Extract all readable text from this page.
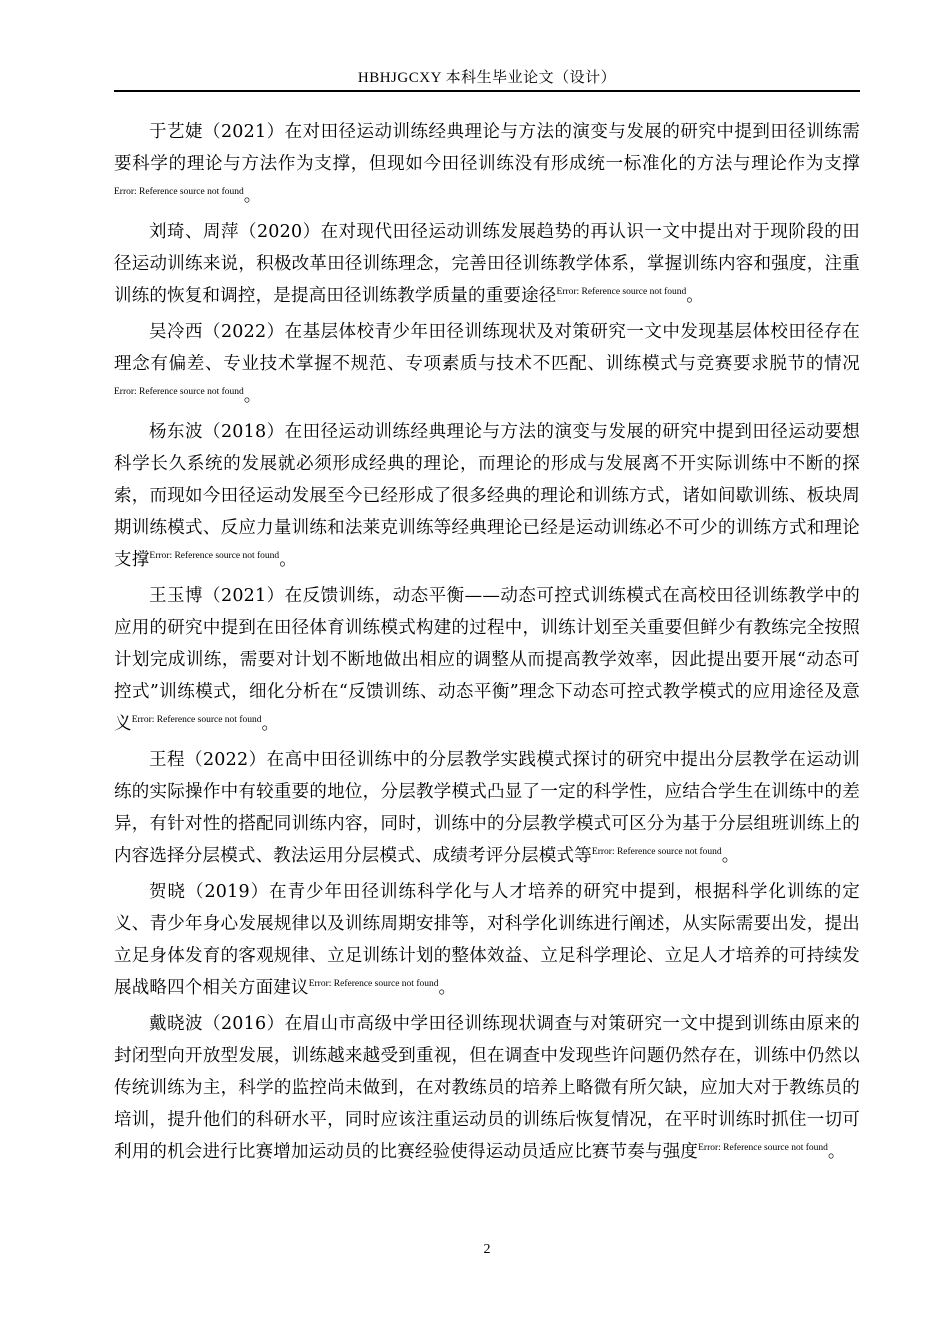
HBHJGCXY 本科生毕业论文（设计）

于艺婕（2021）在对田径运动训练经典理论与方法的演变与发展的研究中提到田径训练需要科学的理论与方法作为支撑，但现如今田径训练没有形成统一标准化的方法与理论作为支撑$^{Error: Reference source not found}$。

刘琦、周萍（2020）在对现代田径运动训练发展趋势的再认识一文中提出对于现阶段的田径运动训练来说，积极改革田径训练理念，完善田径训练教学体系，掌握训练内容和强度，注重训练的恢复和调控，是提高田径训练教学质量的重要途径$^{Error: Reference source not found}$。

吴冷西（2022）在基层体校青少年田径训练现状及对策研究一文中发现基层体校田径存在理念有偏差、专业技术掌握不规范、专项素质与技术不匹配、训练模式与竞赛要求脱节的情况$^{Error: Reference source not found}$。

杨东波（2018）在田径运动训练经典理论与方法的演变与发展的研究中提到田径运动要想科学长久系统的发展就必须形成经典的理论，而理论的形成与发展离不开实际训练中不断的探索，而现如今田径运动发展至今已经形成了很多经典的理论和训练方式，诸如间歇训练、板块周期训练模式、反应力量训练和法莱克训练等经典理论已经是运动训练必不可少的训练方式和理论支撑$^{Error: Reference source not found}$。

王玉博（2021）在反馈训练，动态平衡——动态可控式训练模式在高校田径训练教学中的应用的研究中提到在田径体育训练模式构建的过程中，训练计划至关重要但鲜少有教练完全按照计划完成训练，需要对计划不断地做出相应的调整从而提高教学效率，因此提出要开展“动态可控式”训练模式，细化分析在“反馈训练、动态平衡”理念下动态可控式教学模式的应用途径及意义$^{Error: Reference source not found}$。

王程（2022）在高中田径训练中的分层教学实践模式探讨的研究中提出分层教学在运动训练的实际操作中有较重要的地位，分层教学模式凸显了一定的科学性，应结合学生在训练中的差异，有针对性的搭配同训练内容，同时，训练中的分层教学模式可区分为基于分层组班训练上的内容选择分层模式、教法运用分层模式、成绩考评分层模式等$^{Error: Reference source not found}$。

贺晓（2019）在青少年田径训练科学化与人才培养的研究中提到，根据科学化训练的定义、青少年身心发展规律以及训练周期安排等，对科学化训练进行阐述，从实际需要出发，提出立足身体发育的客观规律、立足训练计划的整体效益、立足科学理论、立足人才培养的可持续发展战略四个相关方面建议$^{Error: Reference source not found}$。

戴晓波（2016）在眉山市高级中学田径训练现状调查与对策研究一文中提到训练由原来的封闭型向开放型发展，训练越来越受到重视，但在调查中发现些许问题仍然存在，训练中仍然以传统训练为主，科学的监控尚未做到，在对教练员的培养上略微有所欠缺，应加大对于教练员的培训，提升他们的科研水平，同时应该注重运动员的训练后恢复情况，在平时训练时抓住一切可利用的机会进行比赛增加运动员的比赛经验使得运动员适应比赛节奏与强度$^{Error: Reference source not found}$。

2
